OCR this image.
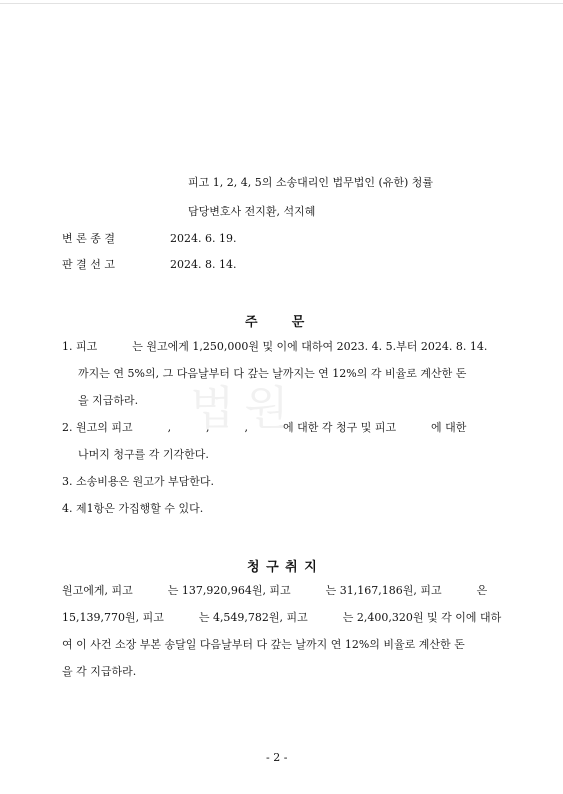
피고 1, 2, 4, 5의 소송대리인 법무법인 (유한) 청률
담당변호사 전지환, 석지혜
변 론 종 결	2024. 6. 19.
판 결 선 고	2024. 8. 14.
법원
주      문
1. 피고          는 원고에게 1,250,000원 및 이에 대하여 2023. 4. 5.부터 2024. 8. 14.
까지는 연 5%의, 그 다음날부터 다 갚는 날까지는 연 12%의 각 비율로 계산한 돈
을 지급하라.
2. 원고의 피고          ,          ,          ,          에 대한 각 청구 및 피고          에 대한
나머지 청구를 각 기각한다.
3. 소송비용은 원고가 부담한다.
4. 제1항은 가집행할 수 있다.
청 구 취 지
원고에게, 피고          는 137,920,964원, 피고          는 31,167,186원, 피고          은
15,139,770원, 피고          는 4,549,782원, 피고          는 2,400,320원 및 각 이에 대하
여 이 사건 소장 부본 송달일 다음날부터 다 갚는 날까지 연 12%의 비율로 계산한 돈
을 각 지급하라.
- 2 -
